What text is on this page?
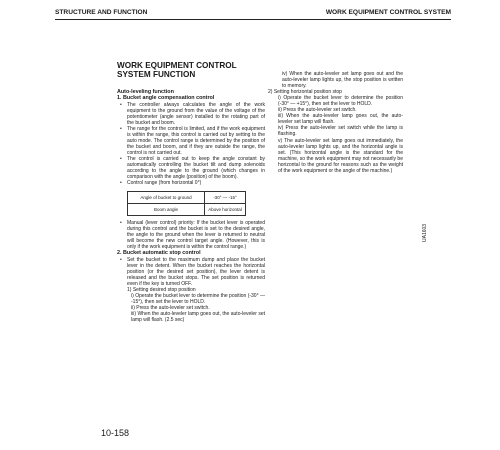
STRUCTURE AND FUNCTION	WORK EQUIPMENT CONTROL SYSTEM
WORK EQUIPMENT CONTROL
SYSTEM FUNCTION
Auto-leveling function
1. Bucket angle compensation control
• The controller always calculates the angle of the work equipment to the ground from the value of the voltage of the potentiometer (angle sensor) installed to the rotating part of the bucket and boom.
• The range for the control is limited, and if the work equipment is within the range, this control is carried out by setting to the auto mode. The control range is determined by the position of the bucket and boom, and if they are outside the range, the control is not carried out.
• The control is carried out to keep the angle constant by automatically controlling the bucket tilt and dump solenoids according to the angle to the ground (which changes in comparison with the angle (position) of the boom).
• Control range (from horizontal 0°)
Angle of bucket to ground	-30° — -15°
Boom angle	Above horizontal
• Manual (lever control) priority: If the bucket lever is operated during this control and the bucket is set to the desired angle, the angle to the ground when the lever is returned to neutral will become the new control target angle. (However, this is only if the work equipment is within the control range.)
2. Bucket automatic stop control
• Set the bucket to the maximum dump and place the bucket lever in the detent. When the bucket reaches the horizontal position (or the desired set position), the lever detent is released and the bucket stops. The set position is returned even if the key is turned OFF.
1) Setting desired stop position
i) Operate the bucket lever to determine the position (-30° — -15°), then set the lever to HOLD.
ii) Press the auto-leveler set switch.
iii) When the auto-leveler lamp goes out, the auto-leveler set lamp will flash. (2.5 sec)
iv) When the auto-leveler set lamp goes out and the auto-leveler lamp lights up, the stop position is written to memory.
2) Setting horizontal position stop
i) Operate the bucket lever to determine the position (-30° — +15°), then set the lever to HOLD.
ii) Press the auto-leveler set switch.
iii) When the auto-leveler lamp goes out, the auto-leveler set lamp will flash.
iv) Press the auto-leveler set switch while the lamp is flashing.
v) The auto-leveler set lamp goes out immediately, the auto-leveler lamp lights up, and the horizontal angle is set. (This horizontal angle is the standard for the machine, so the work equipment may not necessarily be horizontal to the ground for reasons such as the weight of the work equipment or the angle of the machine.)
UA1603
10-158
